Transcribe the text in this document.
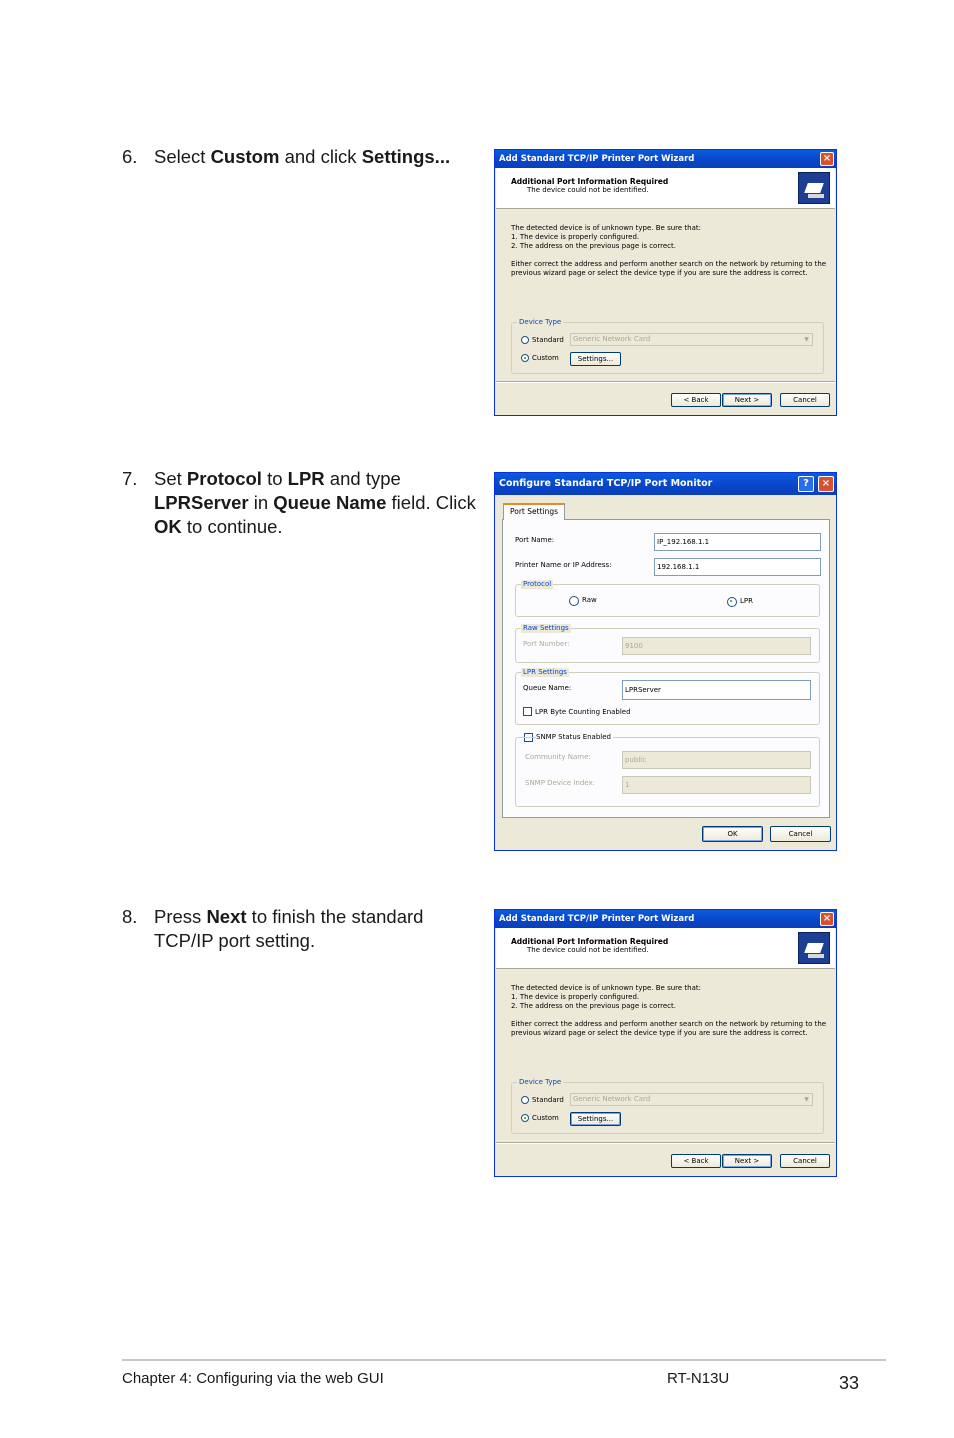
6. Select Custom and click Settings...	Add Standard TCP/IP Printer Port Wizard	×
Additional Port Information Required
The device could not be identified.
The detected device is of unknown type. Be sure that:
1. The device is properly configured.
2. The address on the previous page is correct.
Either correct the address and perform another search on the network by returning to the
previous wizard page or select the device type if you are sure the address is correct.
Device Type
Standard	Generic Network Card	▼
Custom	Settings...
< Back	Next >	Cancel
7. Set Protocol to LPR and type
LPRServer in Queue Name field. Click OK to continue.
Configure Standard TCP/IP Port Monitor	?	×
Port Name:	IP_192.168.1.1
Printer Name or IP Address:	192.168.1.1
Protocol
Raw	LPR
Raw Settings
Port Number:	9100
LPR Settings
Queue Name:	LPRServer
LPR Byte Counting Enabled
SNMP Status Enabled
Community Name:	public
SNMP Device Index:	1
Port Settings
OK	Cancel
8. Press Next to finish the standard TCP/IP port setting.
Add Standard TCP/IP Printer Port Wizard	×
Additional Port Information Required
The device could not be identified.
The detected device is of unknown type. Be sure that:
1. The device is properly configured.
2. The address on the previous page is correct.
Either correct the address and perform another search on the network by returning to the
previous wizard page or select the device type if you are sure the address is correct.
Device Type
Standard	Generic Network Card	▼
Custom	Settings...
< Back	Next >	Cancel
Chapter 4: Configuring via the web GUI	RT-N13U	33
